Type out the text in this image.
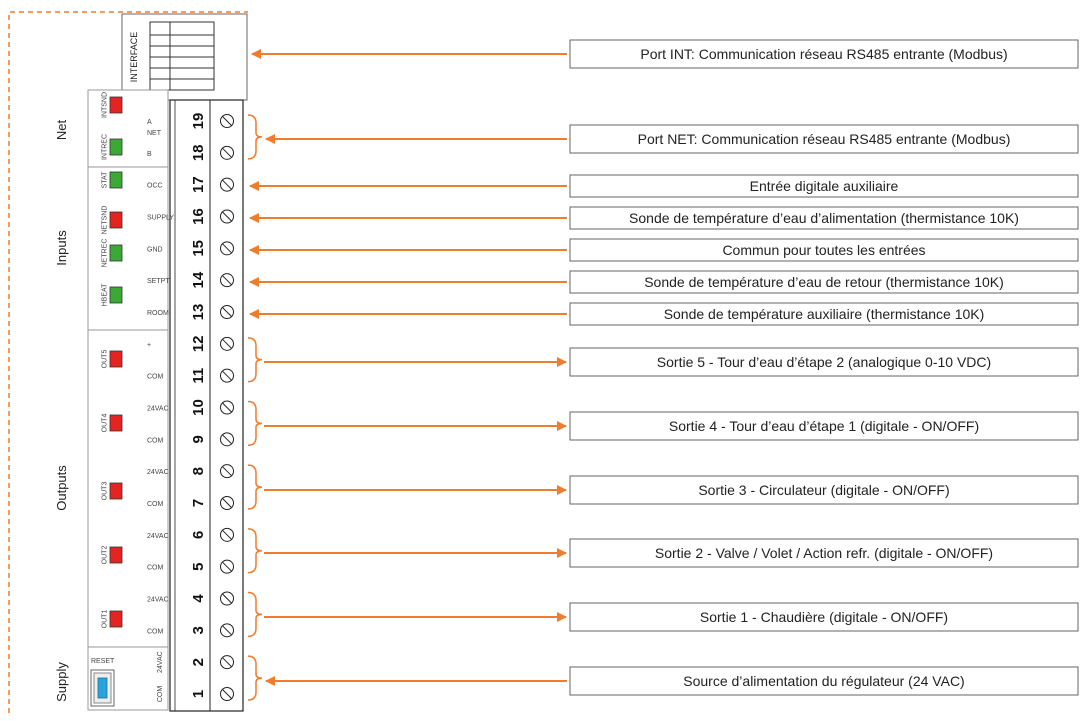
INTERFACE
Net
Inputs
Outputs
Supply
NET
RESET
INTSND
INTREC
STAT
NETSND
NETREC
HBEAT
OUT5
OUT4
OUT3
OUT2
OUT1
19
A
18
B
17
OCC
16
SUPPLY
15
GND
14
SETPT
13
ROOM
12
+
11
COM
10
24VAC
9
COM
8
24VAC
7
COM
6
24VAC
5
COM
4
24VAC
3
COM
2
24VAC
1
COM
Port INT: Communication réseau RS485 entrante (Modbus)
Port NET: Communication réseau RS485 entrante (Modbus)
Entrée digitale auxiliaire
Sonde de température d’eau d’alimentation (thermistance 10K)
Commun pour toutes les entrées
Sonde de température d’eau de retour (thermistance 10K)
Sonde de température auxiliaire (thermistance 10K)
Sortie 5 - Tour d’eau d’étape 2 (analogique 0-10 VDC)
Sortie 4 - Tour d’eau d’étape 1 (digitale - ON/OFF)
Sortie 3 - Circulateur (digitale - ON/OFF)
Sortie 2 - Valve / Volet / Action refr. (digitale - ON/OFF)
Sortie 1 - Chaudière (digitale - ON/OFF)
Source d’alimentation du régulateur (24 VAC)
